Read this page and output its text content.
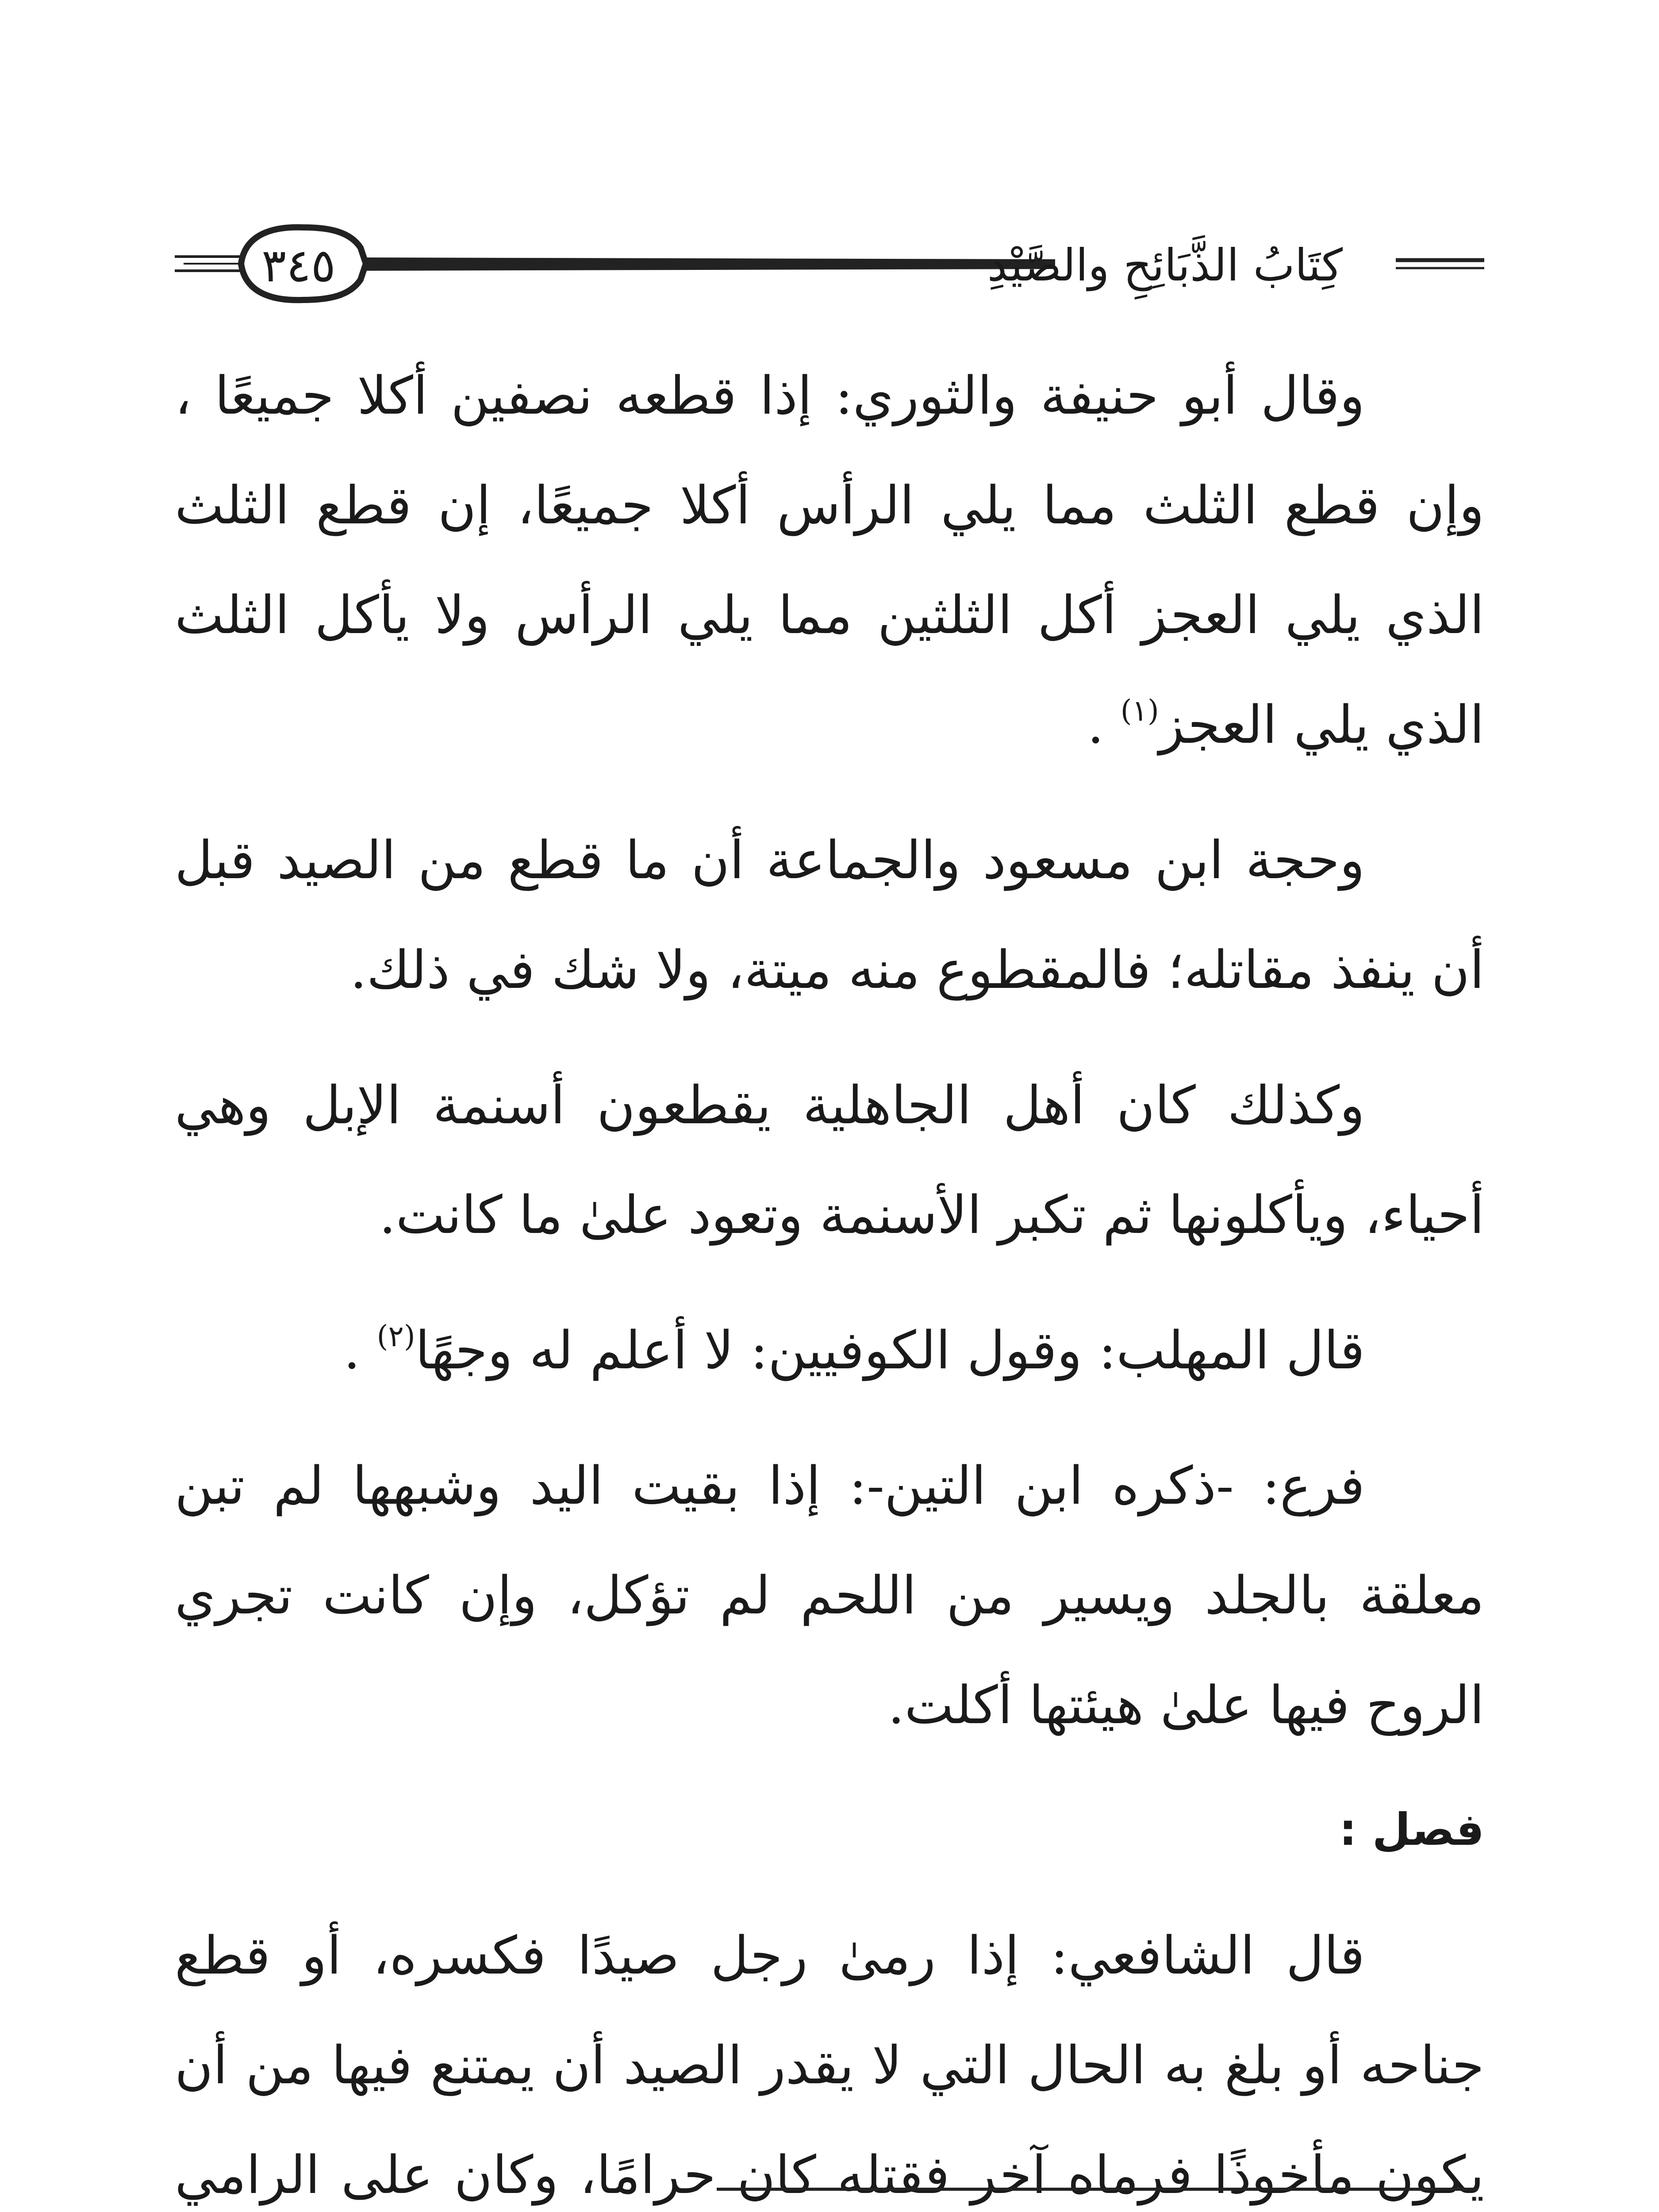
كِتَابُ الذَّبَائِحِ والصَّيْدِ
٣٤٥

وقال أبو حنيفة والثوري: إذا قطعه نصفين أكلا جميعًا ، وإن قطع الثلث مما يلي الرأس أكلا جميعًا، إن قطع الثلث الذي يلي العجز أكل الثلثين مما يلي الرأس ولا يأكل الثلث الذي يلي العجز$^{(١)}$ .

وحجة ابن مسعود والجماعة أن ما قطع من الصيد قبل أن ينفذ مقاتله؛ فالمقطوع منه ميتة، ولا شك في ذلك.

وكذلك كان أهل الجاهلية يقطعون أسنمة الإبل وهي أحياء، ويأكلونها ثم تكبر الأسنمة وتعود علىٰ ما كانت.

قال المهلب: وقول الكوفيين: لا أعلم له وجهًا$^{(٢)}$ .

فرع: -ذكره ابن التين-: إذا بقيت اليد وشبهها لم تبن معلقة بالجلد ويسير من اللحم لم تؤكل، وإن كانت تجري الروح فيها علىٰ هيئتها أكلت.

فصل :

قال الشافعي: إذا رمىٰ رجل صيدًا فكسره، أو قطع جناحه أو بلغ به الحال التي لا يقدر الصيد أن يمتنع فيها من أن يكون مأخوذًا فرماه آخر فقتله كان حرامًا، وكان على الرامي
